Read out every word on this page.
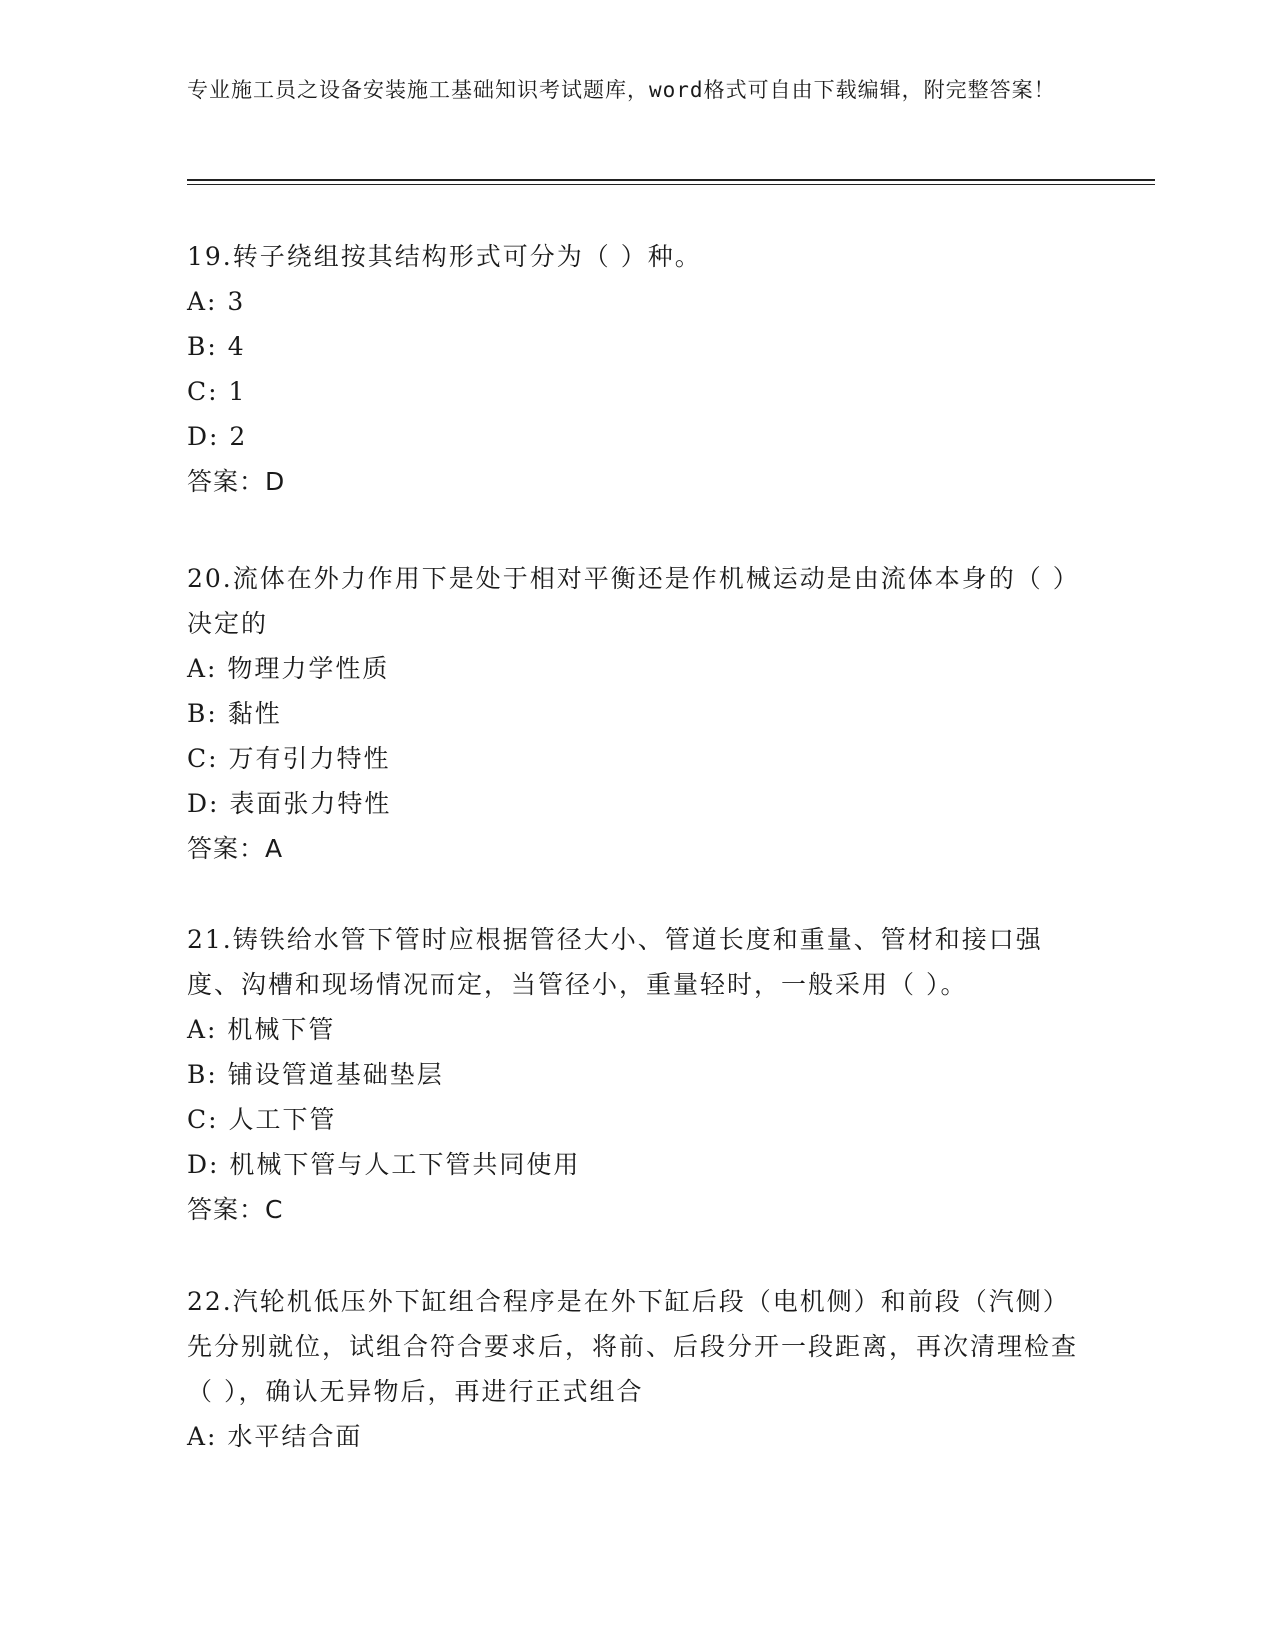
专业施工员之设备安装施工基础知识考试题库，word格式可自由下载编辑，附完整答案！

19.转子绕组按其结构形式可分为（ ）种。

A: 3

B: 4

C: 1

D: 2

答案：D

20.流体在外力作用下是处于相对平衡还是作机械运动是由流体本身的（ ）决定的

A: 物理力学性质

B: 黏性

C: 万有引力特性

D: 表面张力特性

答案：A

21.铸铁给水管下管时应根据管径大小、管道长度和重量、管材和接口强度、沟槽和现场情况而定，当管径小，重量轻时，一般采用（ ）。

A: 机械下管

B: 铺设管道基础垫层

C: 人工下管

D: 机械下管与人工下管共同使用

答案：C

22.汽轮机低压外下缸组合程序是在外下缸后段（电机侧）和前段（汽侧）先分别就位，试组合符合要求后，将前、后段分开一段距离，再次清理检查（ ），确认无异物后，再进行正式组合

A: 水平结合面
